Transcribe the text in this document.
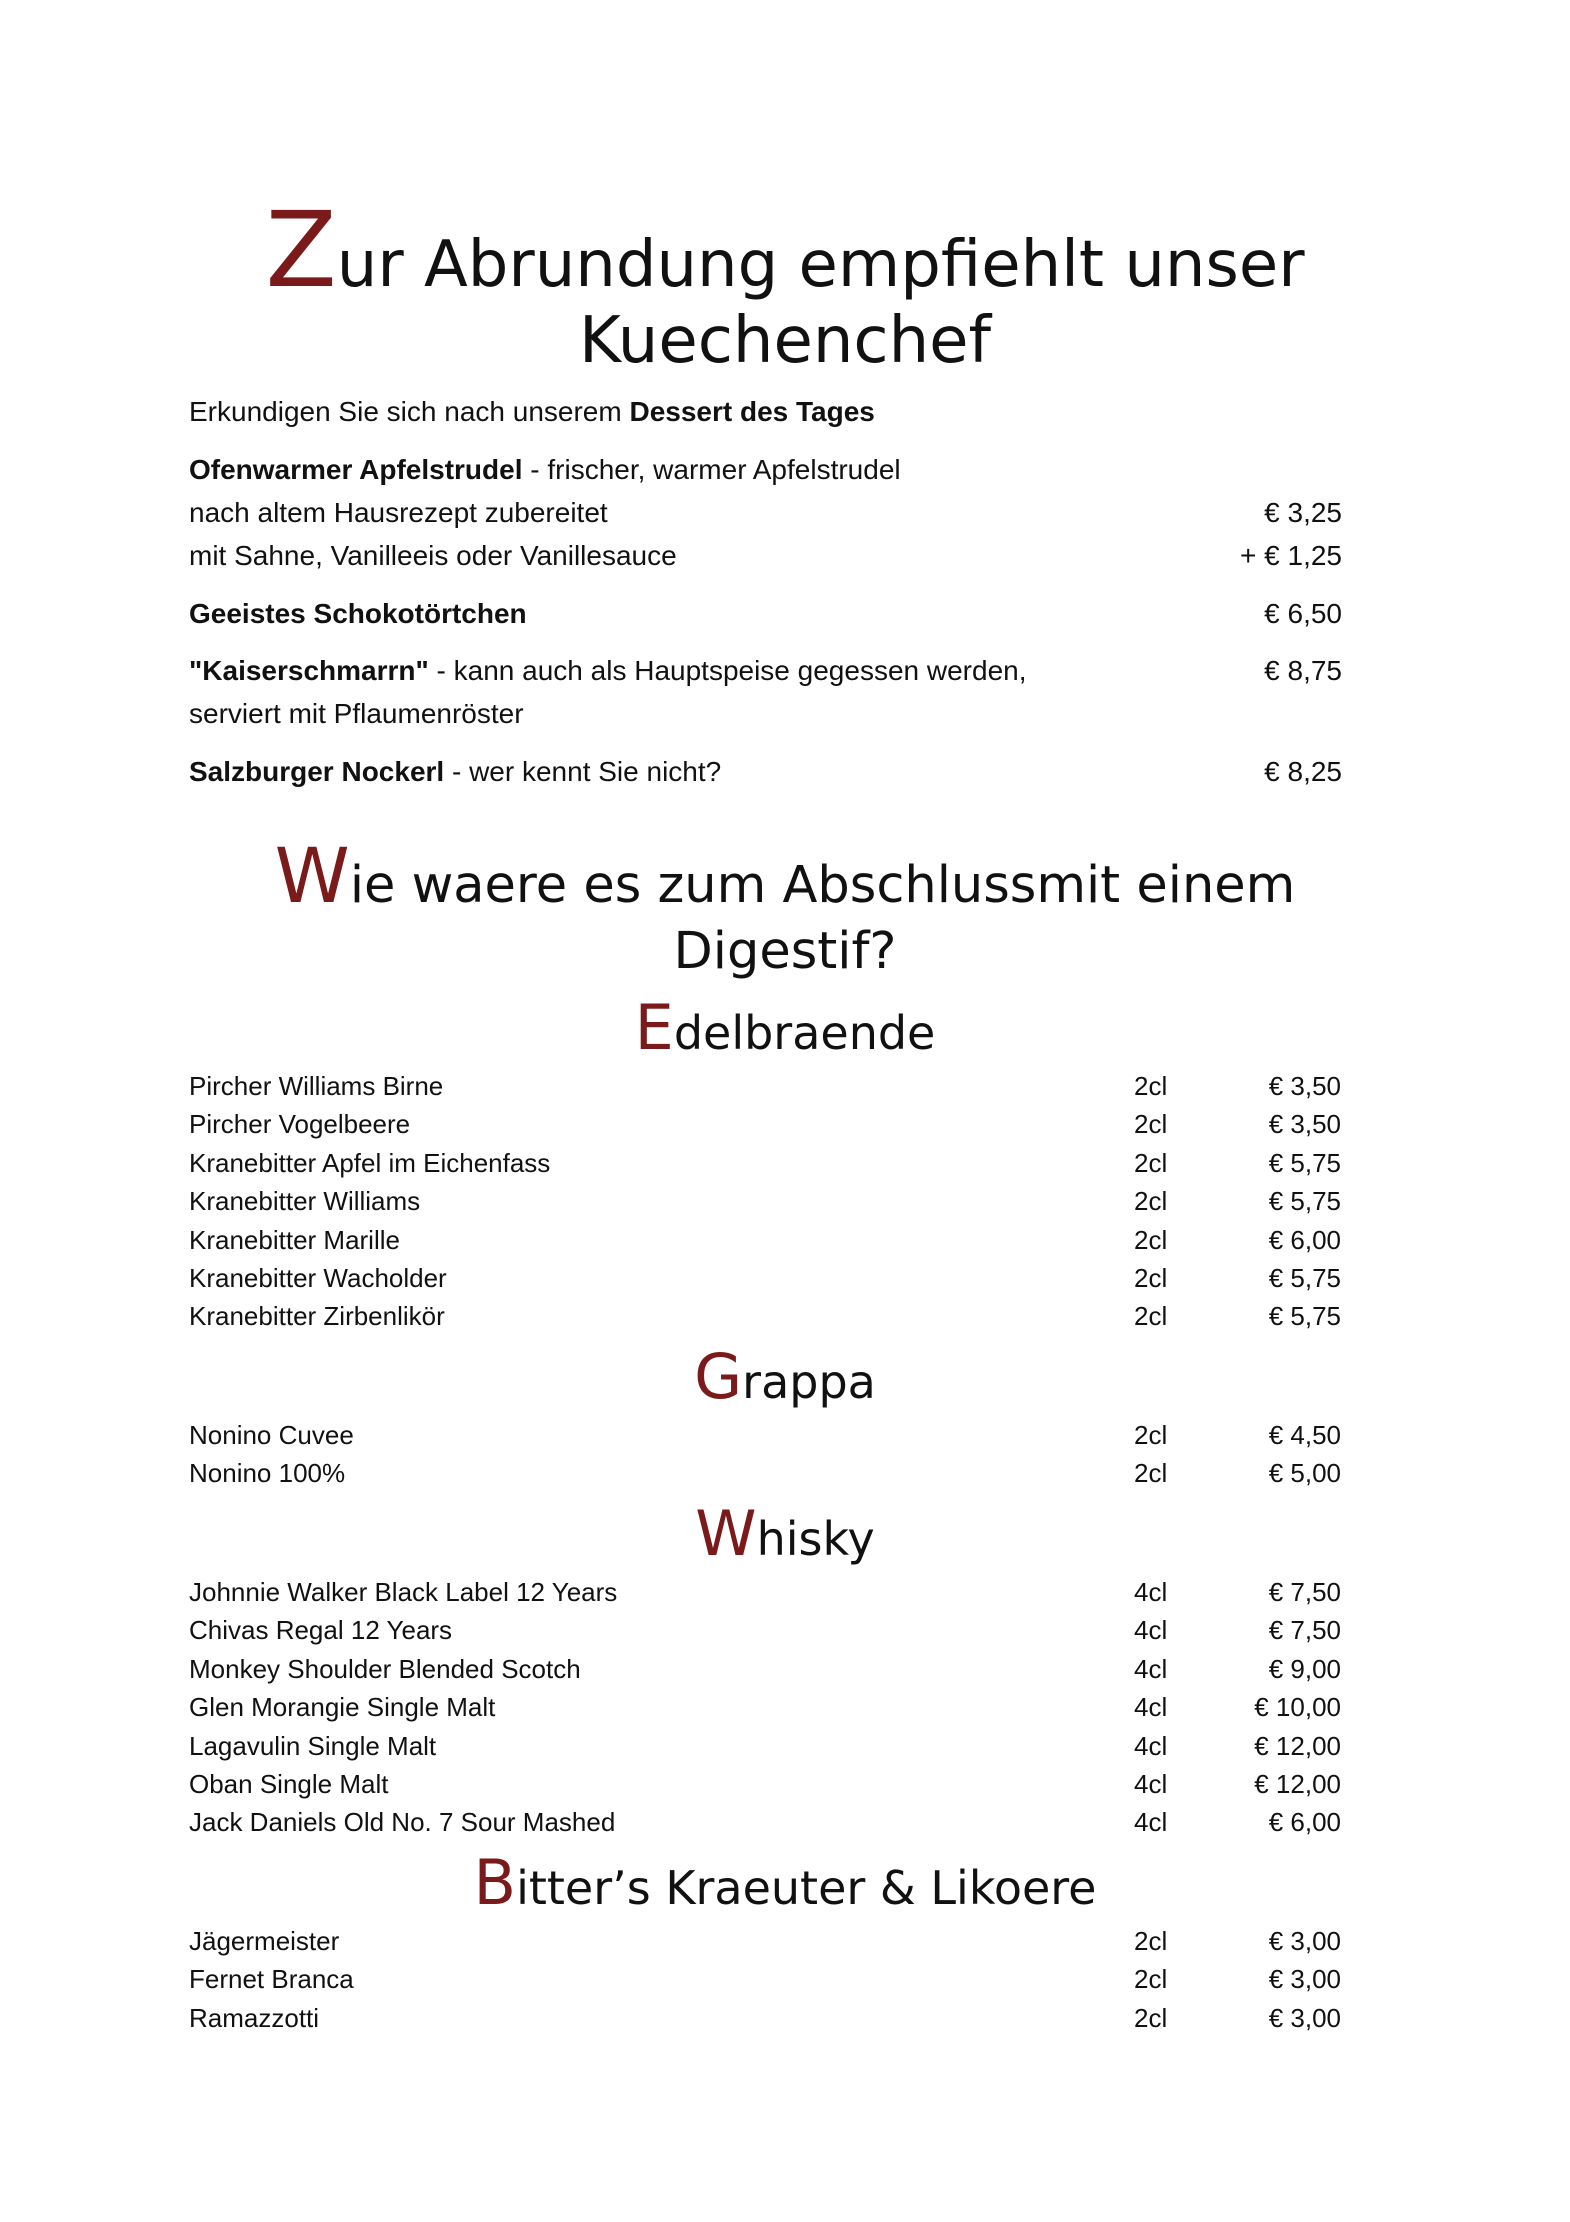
Zur Abrundung empfiehlt unser
Kuechenchef
Erkundigen Sie sich nach unserem Dessert des Tages
Ofenwarmer Apfelstrudel - frischer, warmer Apfelstrudel
nach altem Hausrezept zubereitet	€ 3,25
mit Sahne, Vanilleeis oder Vanillesauce	+ € 1,25
Geeistes Schokotörtchen	€ 6,50
"Kaiserschmarrn" - kann auch als Hauptspeise gegessen werden,	€ 8,75
serviert mit Pflaumenröster
Salzburger Nockerl - wer kennt Sie nicht?	€ 8,25
Wie waere es zum Abschlussmit einem
Digestif?
Edelbraende
Pircher Williams Birne	2cl	€ 3,50
Pircher Vogelbeere	2cl	€ 3,50
Kranebitter Apfel im Eichenfass	2cl	€ 5,75
Kranebitter Williams	2cl	€ 5,75
Kranebitter Marille	2cl	€ 6,00
Kranebitter Wacholder	2cl	€ 5,75
Kranebitter Zirbenlikör	2cl	€ 5,75
Grappa
Nonino Cuvee	2cl	€ 4,50
Nonino 100%	2cl	€ 5,00
Whisky
Johnnie Walker Black Label 12 Years	4cl	€ 7,50
Chivas Regal 12 Years	4cl	€ 7,50
Monkey Shoulder Blended Scotch	4cl	€ 9,00
Glen Morangie Single Malt	4cl	€ 10,00
Lagavulin Single Malt	4cl	€ 12,00
Oban Single Malt	4cl	€ 12,00
Jack Daniels Old No. 7 Sour Mashed	4cl	€ 6,00
Bitter’s Kraeuter & Likoere
Jägermeister	2cl	€ 3,00
Fernet Branca	2cl	€ 3,00
Ramazzotti	2cl	€ 3,00
